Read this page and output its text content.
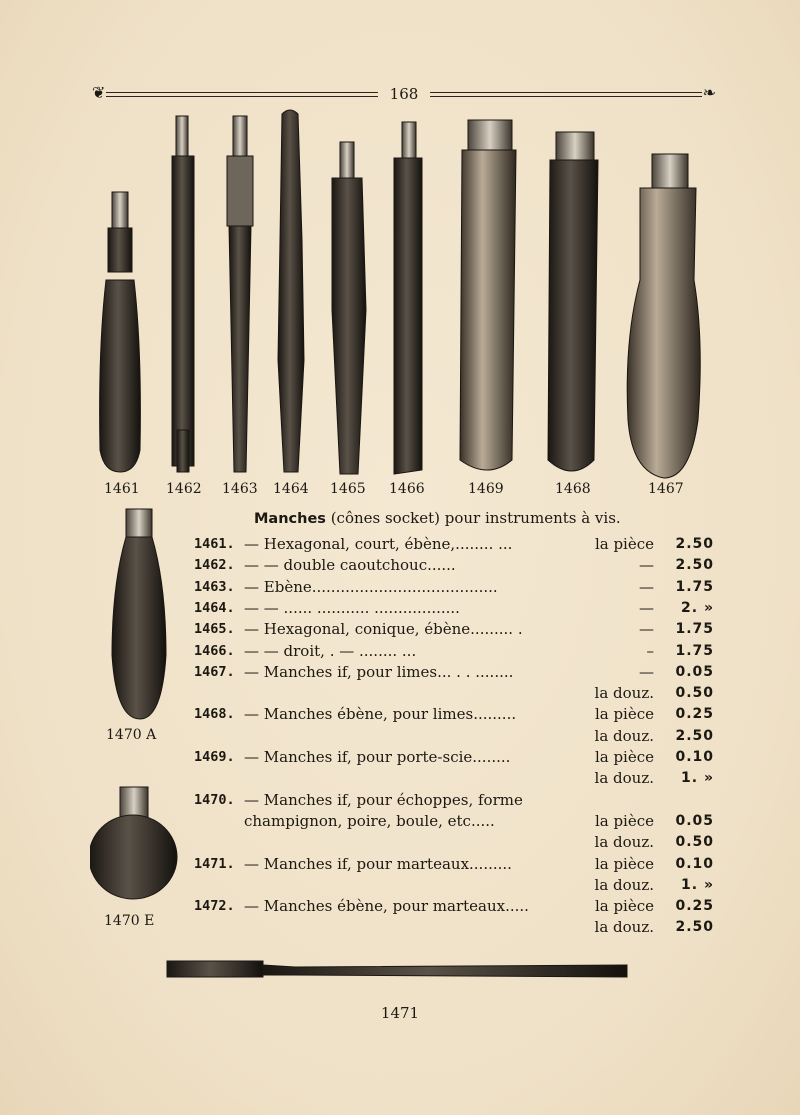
❦	168	❧
1461 1462 1463 1464 1465 1466	1469	1468	1467
1470 A
1470 E
Manches (cônes socket) pour instruments à vis.
1461. — Hexagonal, court, ébène,........ ...	la pièce	2.50
1462. — — double caoutchouc......	—	2.50
1463. — Ebène.......................................	—	1.75
1464. — — ...... ........... ..................	—	2. »
1465. — Hexagonal, conique, ébène......... .	—	1.75
1466. — — droit, . — ........ ...	–	1.75
1467. — Manches if, pour limes... . . ........	—	0.05
la douz.	0.50
1468. — Manches ébène, pour limes.........	la pièce	0.25
la douz.	2.50
1469. — Manches if, pour porte-scie........	la pièce	0.10
la douz.	1. »
1470. — Manches if, pour échoppes, forme
champignon, poire, boule, etc.....	la pièce	0.05
la douz.	0.50
1471. — Manches if, pour marteaux.........	la pièce	0.10
la douz.	1. »
1472. — Manches ébène, pour marteaux.....	la pièce	0.25
la douz.	2.50
1471
